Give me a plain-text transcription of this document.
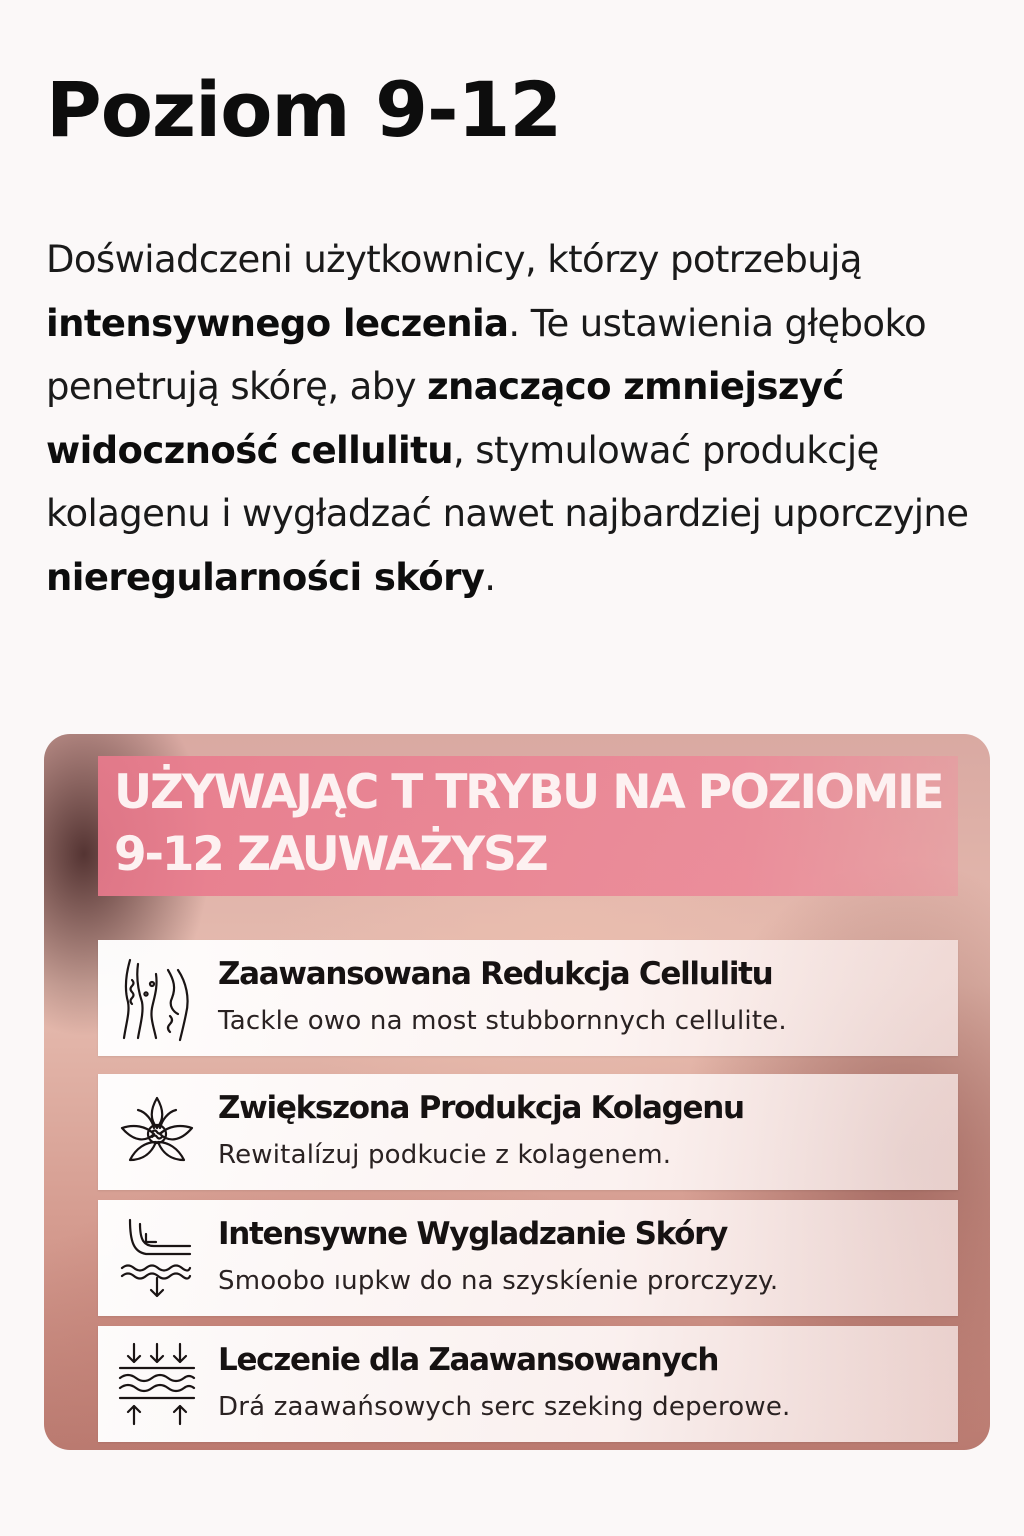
Poziom 9-12

Doświadczeni użytkownicy, którzy potrzebują intensywnego leczenia. Te ustawienia głęboko penetrują skórę, aby znacząco zmniejszyć widoczność cellulitu, stymulować produkcję kolagenu i wygładzać nawet najbardziej uporczyjne nieregularności skóry.

UŻYWAJĄC T TRYBU NA POZIOMIE 9-12 ZAUWAŻYSZ
Zaawansowana Redukcja Cellulitu
Tackle owo na most stubbornnych cellulite.
Zwiększona Produkcja Kolagenu
Rewitalízuj podkucie z kolagenem.
Intensywne Wygladzanie Skóry
Smoobo ıupkw do na szyskíenie prorczyzy.
Leczenie dla Zaawansowanych
Drá zaawańsowych serc szeking deperowe.
